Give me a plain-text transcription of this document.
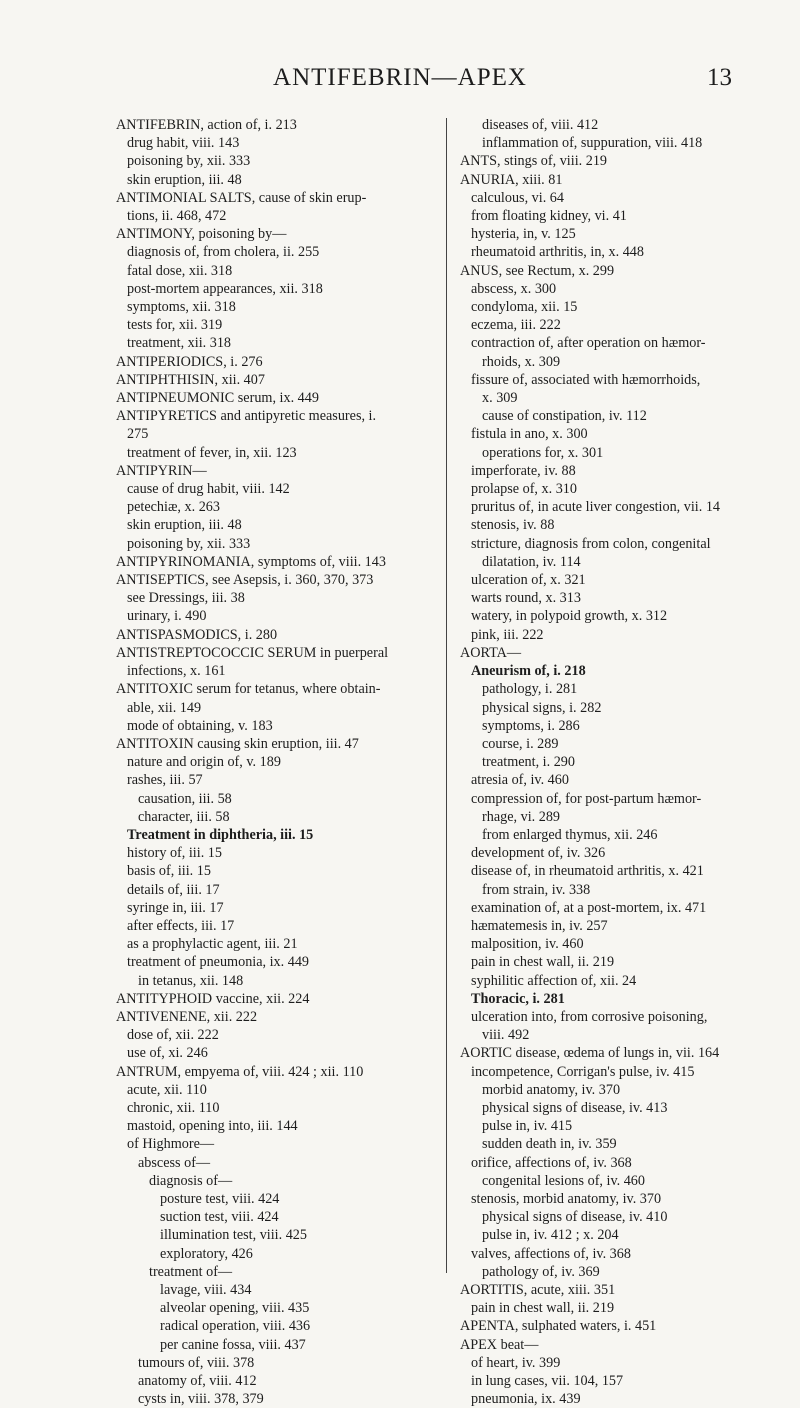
ANTIFEBRIN—APEX	13
ANTIFEBRIN, action of, i. 213
drug habit, viii. 143
poisoning by, xii. 333
skin eruption, iii. 48
ANTIMONIAL SALTS, cause of skin erup-
tions, ii. 468, 472
ANTIMONY, poisoning by—
diagnosis of, from cholera, ii. 255
fatal dose, xii. 318
post-mortem appearances, xii. 318
symptoms, xii. 318
tests for, xii. 319
treatment, xii. 318
ANTIPERIODICS, i. 276
ANTIPHTHISIN, xii. 407
ANTIPNEUMONIC serum, ix. 449
ANTIPYRETICS and antipyretic measures, i.
275
treatment of fever, in, xii. 123
ANTIPYRIN—
cause of drug habit, viii. 142
petechiæ, x. 263
skin eruption, iii. 48
poisoning by, xii. 333
ANTIPYRINOMANIA, symptoms of, viii. 143
ANTISEPTICS, see Asepsis, i. 360, 370, 373
see Dressings, iii. 38
urinary, i. 490
ANTISPASMODICS, i. 280
ANTISTREPTOCOCCIC SERUM in puerperal
infections, x. 161
ANTITOXIC serum for tetanus, where obtain-
able, xii. 149
mode of obtaining, v. 183
ANTITOXIN causing skin eruption, iii. 47
nature and origin of, v. 189
rashes, iii. 57
causation, iii. 58
character, iii. 58
Treatment in diphtheria, iii. 15
history of, iii. 15
basis of, iii. 15
details of, iii. 17
syringe in, iii. 17
after effects, iii. 17
as a prophylactic agent, iii. 21
treatment of pneumonia, ix. 449
in tetanus, xii. 148
ANTITYPHOID vaccine, xii. 224
ANTIVENENE, xii. 222
dose of, xii. 222
use of, xi. 246
ANTRUM, empyema of, viii. 424 ; xii. 110
acute, xii. 110
chronic, xii. 110
mastoid, opening into, iii. 144
of Highmore—
abscess of—
diagnosis of—
posture test, viii. 424
suction test, viii. 424
illumination test, viii. 425
exploratory, 426
treatment of—
lavage, viii. 434
alveolar opening, viii. 435
radical operation, viii. 436
per canine fossa, viii. 437
tumours of, viii. 378
anatomy of, viii. 412
cysts in, viii. 378, 379
diseases of, viii. 412
inflammation of, suppuration, viii. 418
ANTS, stings of, viii. 219
ANURIA, xiii. 81
calculous, vi. 64
from floating kidney, vi. 41
hysteria, in, v. 125
rheumatoid arthritis, in, x. 448
ANUS, see Rectum, x. 299
abscess, x. 300
condyloma, xii. 15
eczema, iii. 222
contraction of, after operation on hæmor-
rhoids, x. 309
fissure of, associated with hæmorrhoids,
x. 309
cause of constipation, iv. 112
fistula in ano, x. 300
operations for, x. 301
imperforate, iv. 88
prolapse of, x. 310
pruritus of, in acute liver congestion, vii. 14
stenosis, iv. 88
stricture, diagnosis from colon, congenital
dilatation, iv. 114
ulceration of, x. 321
warts round, x. 313
watery, in polypoid growth, x. 312
pink, iii. 222
AORTA—
Aneurism of, i. 218
pathology, i. 281
physical signs, i. 282
symptoms, i. 286
course, i. 289
treatment, i. 290
atresia of, iv. 460
compression of, for post-partum hæmor-
rhage, vi. 289
from enlarged thymus, xii. 246
development of, iv. 326
disease of, in rheumatoid arthritis, x. 421
from strain, iv. 338
examination of, at a post-mortem, ix. 471
hæmatemesis in, iv. 257
malposition, iv. 460
pain in chest wall, ii. 219
syphilitic affection of, xii. 24
Thoracic, i. 281
ulceration into, from corrosive poisoning,
viii. 492
AORTIC disease, œdema of lungs in, vii. 164
incompetence, Corrigan's pulse, iv. 415
morbid anatomy, iv. 370
physical signs of disease, iv. 413
pulse in, iv. 415
sudden death in, iv. 359
orifice, affections of, iv. 368
congenital lesions of, iv. 460
stenosis, morbid anatomy, iv. 370
physical signs of disease, iv. 410
pulse in, iv. 412 ; x. 204
valves, affections of, iv. 368
pathology of, iv. 369
AORTITIS, acute, xiii. 351
pain in chest wall, ii. 219
APENTA, sulphated waters, i. 451
APEX beat—
of heart, iv. 399
in lung cases, vii. 104, 157
pneumonia, ix. 439
